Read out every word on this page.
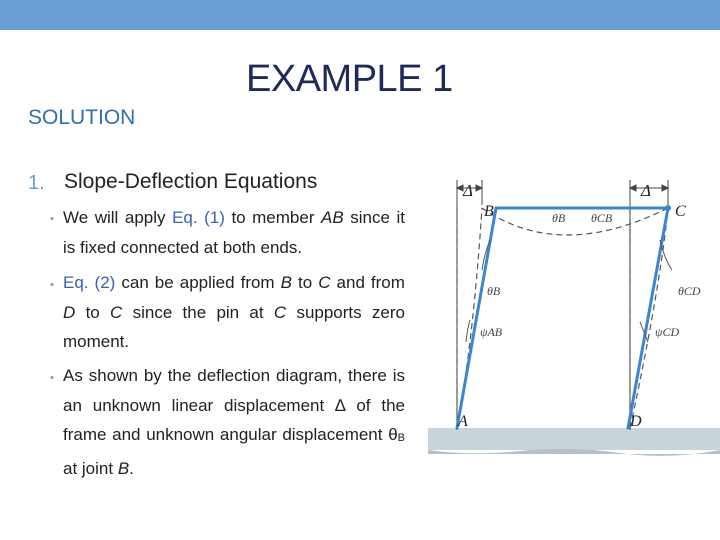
EXAMPLE 1
SOLUTION
1. Slope-Deflection Equations
• We will apply Eq. (1) to member AB since it is fixed connected at both ends.
• Eq. (2) can be applied from B to C and from D to C since the pin at C supports zero moment.
• As shown by the deflection diagram, there is an unknown linear displacement ∆ of the frame and unknown angular displacement θB at joint B.
Δ	Δ
B	C
A	D
θB θCB
θB	θCD
ψAB	ψCD
